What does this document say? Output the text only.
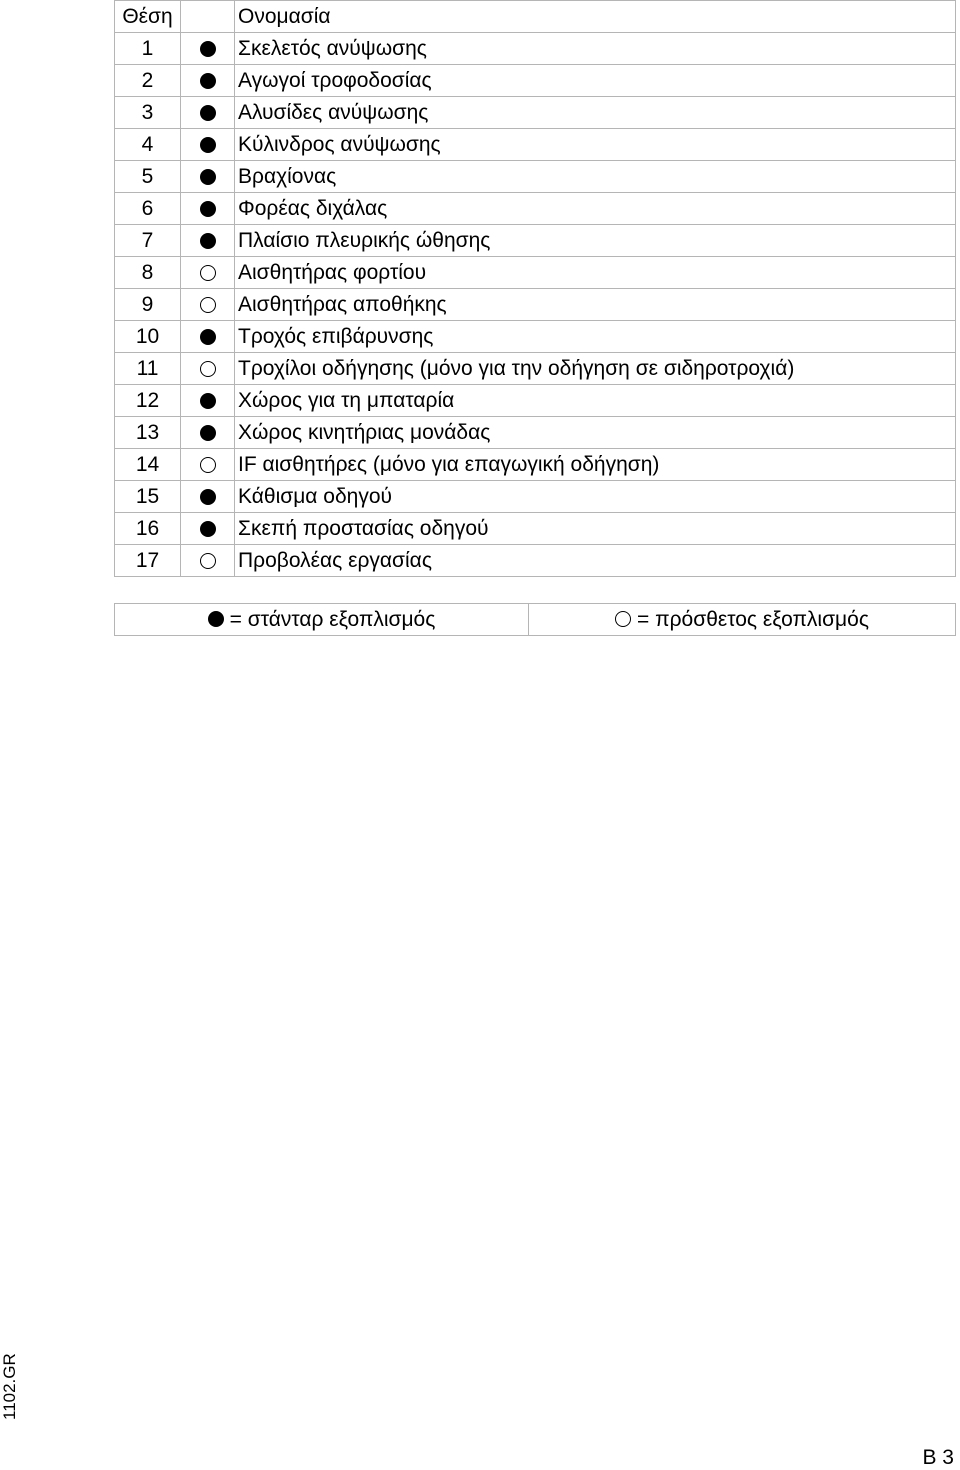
Θέση		Ονομασία
1		Σκελετός ανύψωσης
2		Αγωγοί τροφοδοσίας
3		Αλυσίδες ανύψωσης
4		Κύλινδρος ανύψωσης
5		Βραχίονας
6		Φορέας διχάλας
7		Πλαίσιο πλευρικής ώθησης
8		Αισθητήρας φορτίου
9		Αισθητήρας αποθήκης
10		Τροχός επιβάρυνσης
11		Τροχίλοι οδήγησης (μόνο για την οδήγηση σε σιδηροτροχιά)
12		Χώρος για τη μπαταρία
13		Χώρος κινητήριας μονάδας
14		IF αισθητήρες (μόνο για επαγωγική οδήγηση)
15		Κάθισμα οδηγού
16		Σκεπή προστασίας οδηγού
17		Προβολέας εργασίας
= στάνταρ εξοπλισμός	= πρόσθετος εξοπλισμός
1102.GR
B 3
